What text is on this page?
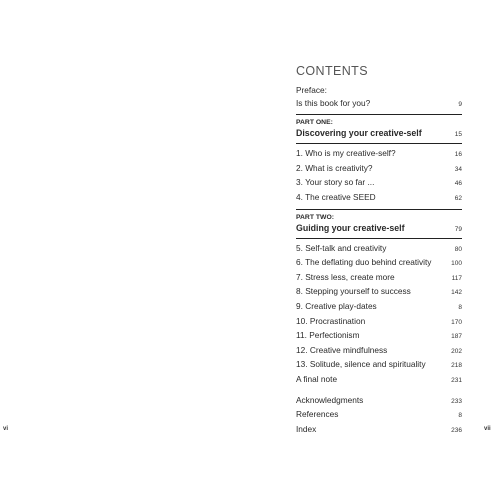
CONTENTS
Preface:
Is this book for you?	9
PART ONE:
Discovering your creative-self	15
1. Who is my creative-self?	16
2. What is creativity?	34
3. Your story so far ...	46
4. The creative SEED	62
PART TWO:
Guiding your creative-self	79
5. Self-talk and creativity	80
6. The deflating duo behind creativity	100
7. Stress less, create more	117
8. Stepping yourself to success	142
9. Creative play-dates	8
10. Procrastination	170
11. Perfectionism	187
12. Creative mindfulness	202
13. Solitude, silence and spirituality	218
A final note	231
Acknowledgments	233
References	8
Index	236
vi	vii
